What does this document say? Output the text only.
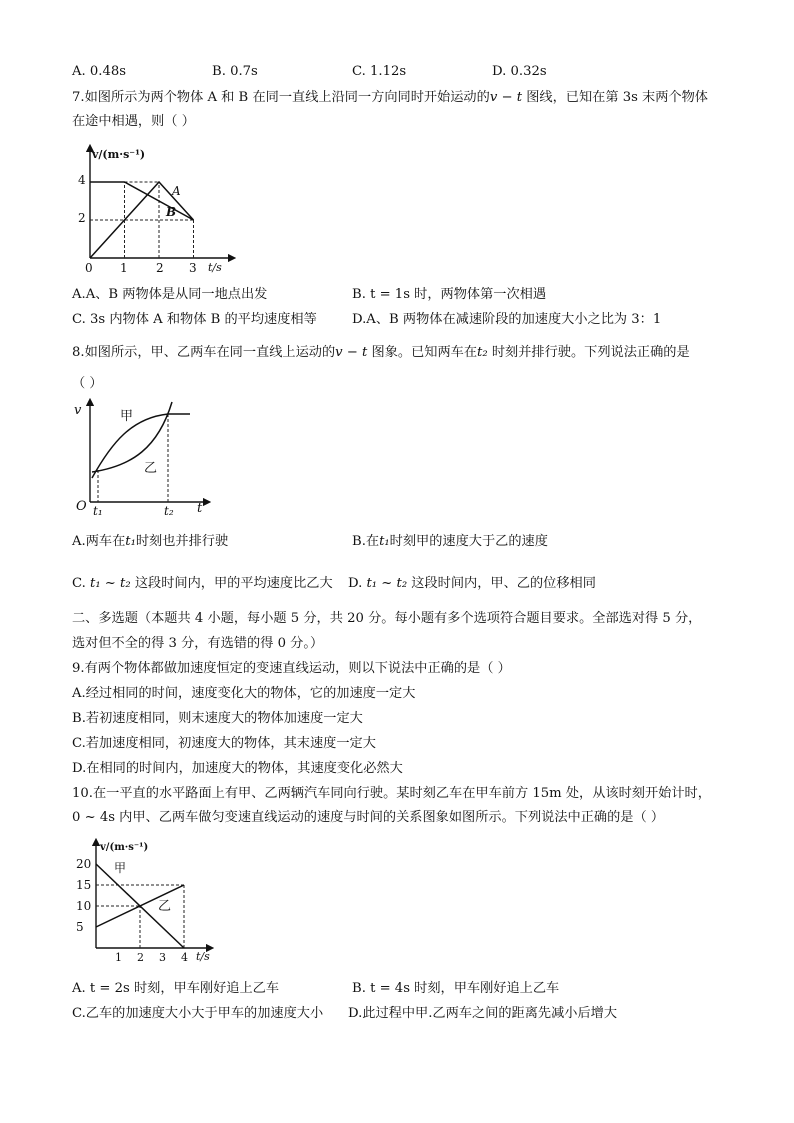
A. 0.48s	B. 0.7s	C. 1.12s	D. 0.32s
7.如图所示为两个物体 A 和 B 在同一直线上沿同一方向同时开始运动的v − t 图线，已知在第 3s 末两个物体
在途中相遇，则（ ）
v/(m·s⁻¹)
t/s
4
2
0 1 2 3
A
B
A.A、B 两物体是从同一地点出发	B. t = 1s 时，两物体第一次相遇
C. 3s 内物体 A 和物体 B 的平均速度相等	D.A、B 两物体在减速阶段的加速度大小之比为 3：1
8.如图所示，甲、乙两车在同一直线上运动的v − t 图象。已知两车在t₂ 时刻并排行驶。下列说法正确的是
（ ）
v
t
O t₁	t₂
甲
乙
A.两车在t₁时刻也并排行驶	B.在t₁时刻甲的速度大于乙的速度
C. t₁ ~ t₂ 这段时间内，甲的平均速度比乙大 D. t₁ ~ t₂ 这段时间内，甲、乙的位移相同
二、多选题（本题共 4 小题，每小题 5 分，共 20 分。每小题有多个选项符合题目要求。全部选对得 5 分，
选对但不全的得 3 分，有选错的得 0 分。）
9.有两个物体都做加速度恒定的变速直线运动，则以下说法中正确的是（ ）
A.经过相同的时间，速度变化大的物体，它的加速度一定大
B.若初速度相同，则末速度大的物体加速度一定大
C.若加速度相同，初速度大的物体，其末速度一定大
D.在相同的时间内，加速度大的物体，其速度变化必然大
10.在一平直的水平路面上有甲、乙两辆汽车同向行驶。某时刻乙车在甲车前方 15m 处，从该时刻开始计时，
0 ~ 4s 内甲、乙两车做匀变速直线运动的速度与时间的关系图象如图所示。下列说法中正确的是（ ）
v/(m·s⁻¹)
t/s
20
15
10
5
1 2 3 4
甲
乙
A. t = 2s 时刻，甲车刚好追上乙车	B. t = 4s 时刻，甲车刚好追上乙车
C.乙车的加速度大小大于甲车的加速度大小 D.此过程中甲.乙两车之间的距离先减小后增大
